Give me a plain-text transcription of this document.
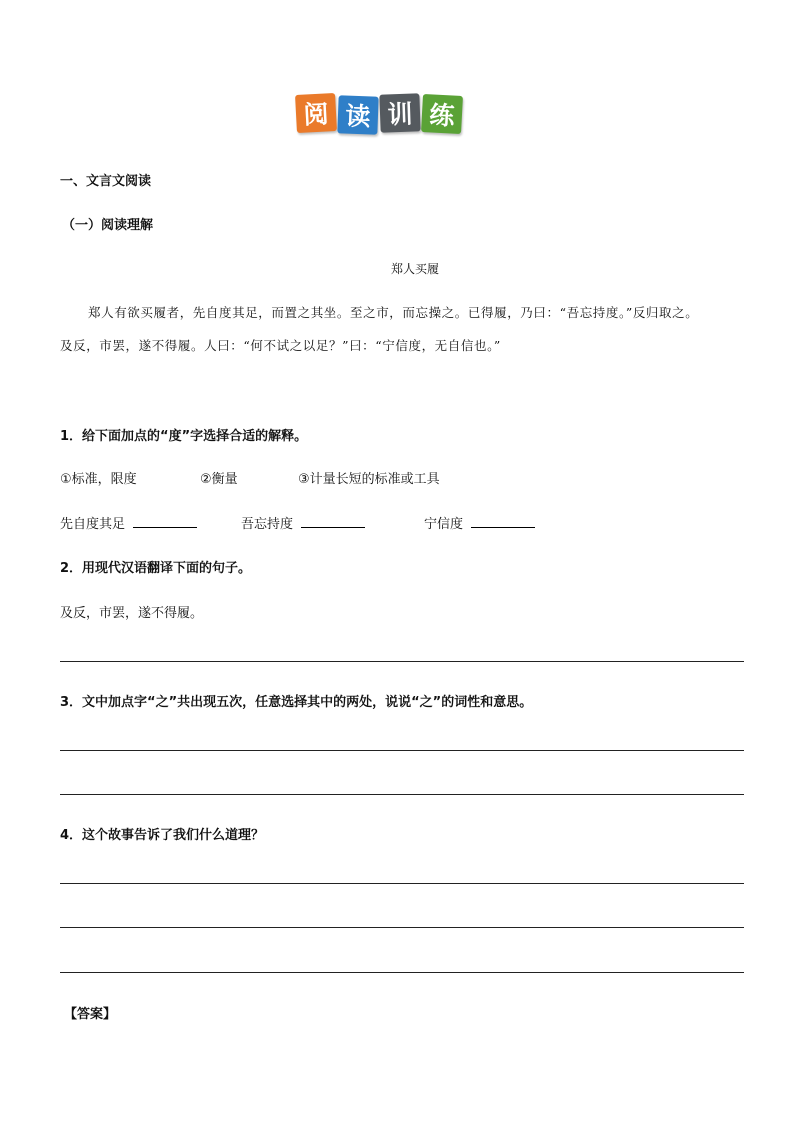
阅 读 训 练
一、文言文阅读
（一）阅读理解
郑人买履
郑人有欲买履者，先自度其足，而置之其坐。至之市，而忘操之。已得履，乃曰：“吾忘持度。”反归取之。
及反，市罢，遂不得履。人曰：“何不试之以足？”曰：“宁信度，无自信也。”
1．给下面加点的“度”字选择合适的解释。
①标准，限度	②衡量	③计量长短的标准或工具
先自度其足	吾忘持度	宁信度
2．用现代汉语翻译下面的句子。
及反，市罢，遂不得履。
3．文中加点字“之”共出现五次，任意选择其中的两处，说说“之”的词性和意思。
4．这个故事告诉了我们什么道理？
【答案】
